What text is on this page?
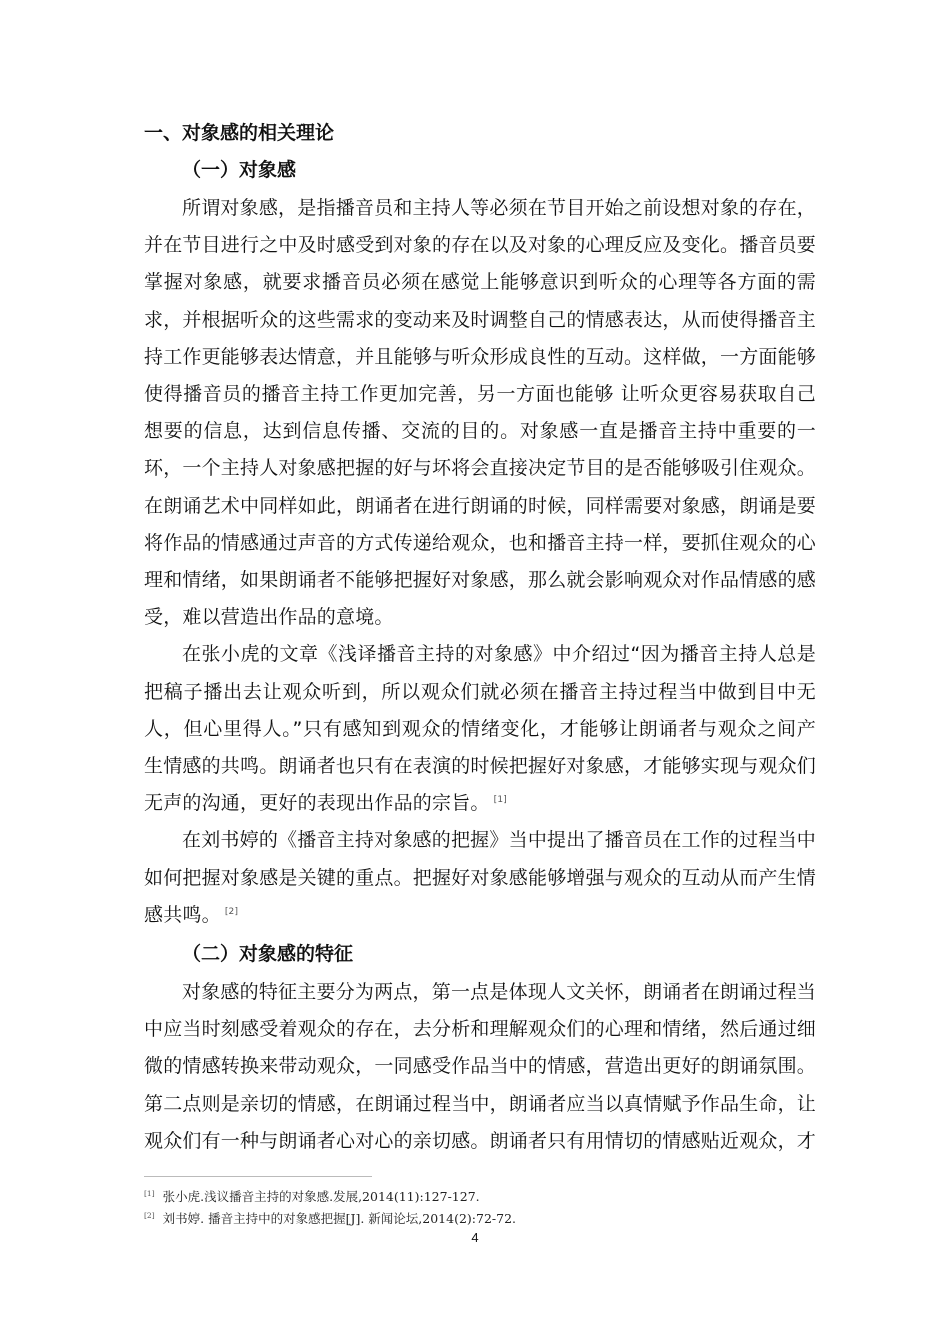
一、对象感的相关理论

（一）对象感

所谓对象感，是指播音员和主持人等必须在节目开始之前设想对象的存在，并在节目进行之中及时感受到对象的存在以及对象的心理反应及变化。播音员要掌握对象感，就要求播音员必须在感觉上能够意识到听众的心理等各方面的需求，并根据听众的这些需求的变动来及时调整自己的情感表达，从而使得播音主持工作更能够表达情意，并且能够与听众形成良性的互动。这样做，一方面能够使得播音员的播音主持工作更加完善，另一方面也能够 让听众更容易获取自己想要的信息，达到信息传播、交流的目的。对象感一直是播音主持中重要的一环，一个主持人对象感把握的好与坏将会直接决定节目的是否能够吸引住观众。在朗诵艺术中同样如此，朗诵者在进行朗诵的时候，同样需要对象感，朗诵是要将作品的情感通过声音的方式传递给观众，也和播音主持一样，要抓住观众的心理和情绪，如果朗诵者不能够把握好对象感，那么就会影响观众对作品情感的感受，难以营造出作品的意境。

在张小虎的文章《浅译播音主持的对象感》中介绍过“因为播音主持人总是把稿子播出去让观众听到，所以观众们就必须在播音主持过程当中做到目中无人，但心里得人。”只有感知到观众的情绪变化，才能够让朗诵者与观众之间产生情感的共鸣。朗诵者也只有在表演的时候把握好对象感，才能够实现与观众们无声的沟通，更好的表现出作品的宗旨。 [1]

在刘书婷的《播音主持对象感的把握》当中提出了播音员在工作的过程当中如何把握对象感是关键的重点。把握好对象感能够增强与观众的互动从而产生情感共鸣。 [2]

（二）对象感的特征

对象感的特征主要分为两点，第一点是体现人文关怀，朗诵者在朗诵过程当中应当时刻感受着观众的存在，去分析和理解观众们的心理和情绪，然后通过细微的情感转换来带动观众，一同感受作品当中的情感，营造出更好的朗诵氛围。第二点则是亲切的情感，在朗诵过程当中，朗诵者应当以真情赋予作品生命，让观众们有一种与朗诵者心对心的亲切感。朗诵者只有用情切的情感贴近观众，才

[1] 张小虎.浅议播音主持的对象感.发展,2014(11):127-127.

[2] 刘书婷. 播音主持中的对象感把握[J]. 新闻论坛,2014(2):72-72.

4
